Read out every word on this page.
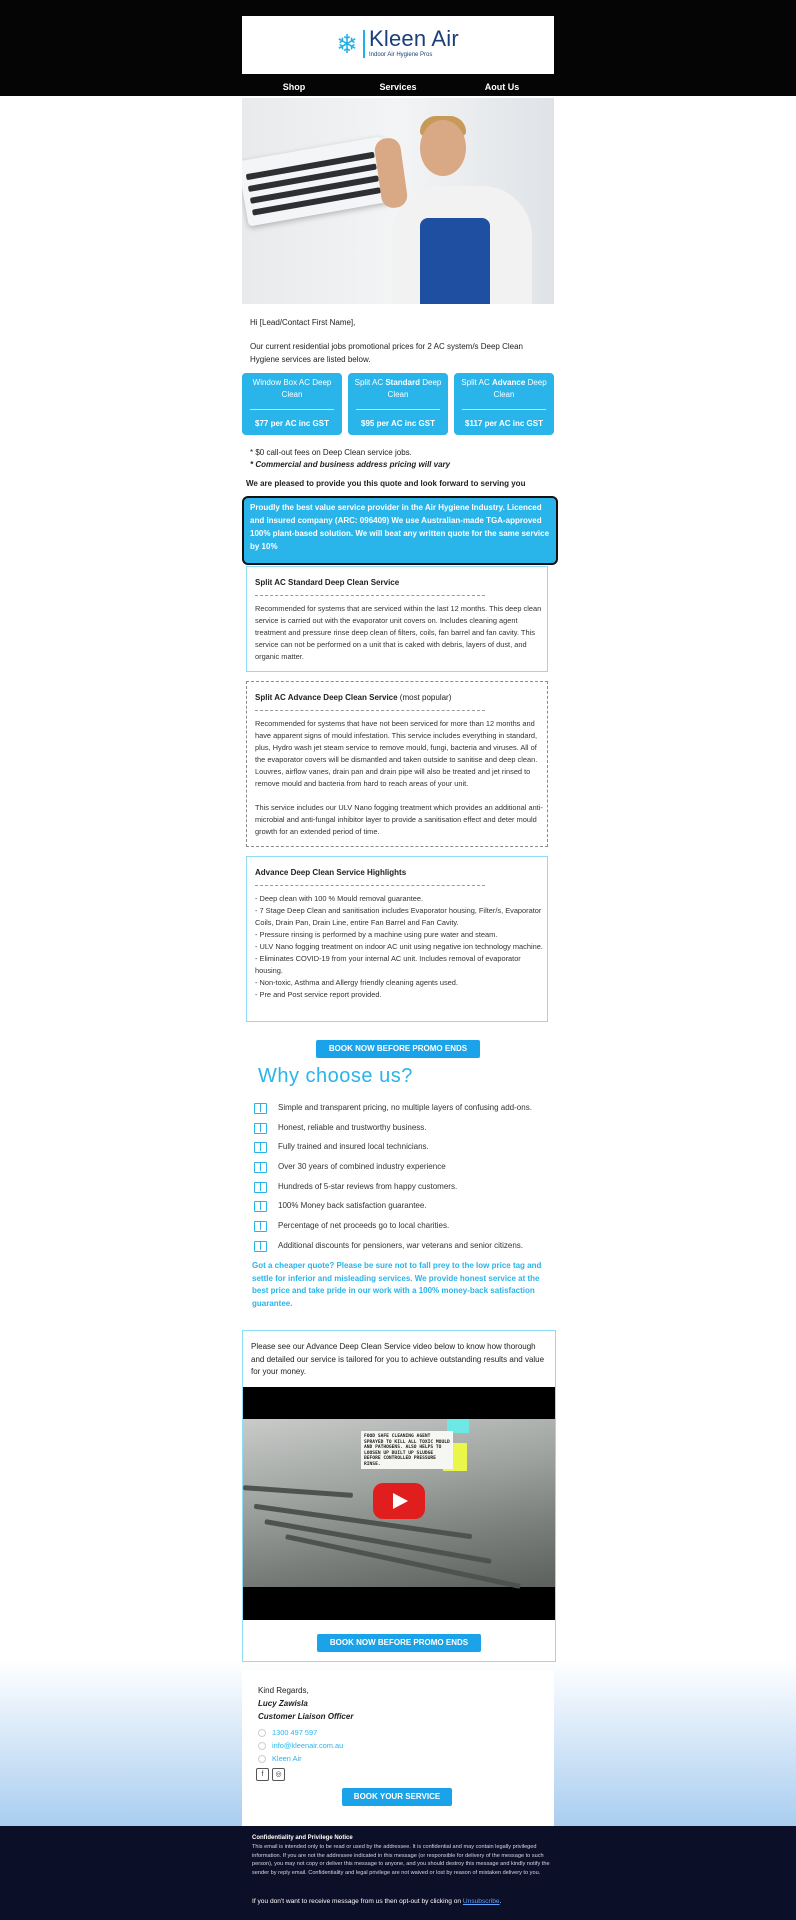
❄ Kleen Air
Indoor Air Hygiene Pros
Shop	Services	Aout Us
Hi [Lead/Contact First Name],
Our current residential jobs promotional prices for 2 AC system/s Deep Clean Hygiene services are listed below.
Window Box AC Deep Clean
$77 per AC inc GST
Split AC Standard Deep Clean
$95 per AC inc GST
Split AC Advance Deep Clean
$117 per AC inc GST
* $0 call-out fees on Deep Clean service jobs.
* Commercial and business address pricing will vary
We are pleased to provide you this quote and look forward to serving you
Proudly the best value service provider in the Air Hygiene Industry. Licenced and insured company (ARC: 096409) We use Australian-made TGA-approved 100% plant-based solution. We will beat any written quote for the same service by 10%
Split AC Standard Deep Clean Service
Recommended for systems that are serviced within the last 12 months. This deep clean service is carried out with the evaporator unit covers on. Includes cleaning agent treatment and pressure rinse deep clean of filters, coils, fan barrel and fan cavity. This service can not be performed on a unit that is caked with debris, layers of dust, and organic matter.
Split AC Advance Deep Clean Service (most popular)
Recommended for systems that have not been serviced for more than 12 months and have apparent signs of mould infestation. This service includes everything in standard, plus, Hydro wash jet steam service to remove mould, fungi, bacteria and viruses. All of the evaporator covers will be dismantled and taken outside to sanitise and deep clean. Louvres, airflow vanes, drain pan and drain pipe will also be treated and jet rinsed to remove mould and bacteria from hard to reach areas of your unit.
This service includes our ULV Nano fogging treatment which provides an additional anti-microbial and anti-fungal inhibitor layer to provide a sanitisation effect and deter mould growth for an extended period of time.
Advance Deep Clean Service Highlights
- Deep clean with 100 % Mould removal guarantee.
- 7 Stage Deep Clean and sanitisation includes Evaporator housing, Filter/s, Evaporator Coils, Drain Pan, Drain Line, entire Fan Barrel and Fan Cavity.
- Pressure rinsing is performed by a machine using pure water and steam.
- ULV Nano fogging treatment on indoor AC unit using negative ion technology machine.
- Eliminates COVID-19 from your internal AC unit. Includes removal of evaporator housing.
- Non-toxic, Asthma and Allergy friendly cleaning agents used.
- Pre and Post service report provided.
BOOK NOW BEFORE PROMO ENDS
Why choose us?
Simple and transparent pricing, no multiple layers of confusing add-ons.
Honest, reliable and trustworthy business.
Fully trained and insured local technicians.
Over 30 years of combined industry experience
Hundreds of 5-star reviews from happy customers.
100% Money back satisfaction guarantee.
Percentage of net proceeds go to local charities.
Additional discounts for pensioners, war veterans and senior citizens.
Got a cheaper quote? Please be sure not to fall prey to the low price tag and settle for inferior and misleading services. We provide honest service at the best price and take pride in our work with a 100% money-back satisfaction guarantee.
Please see our Advance Deep Clean Service video below to know how thorough and detailed our service is tailored for you to achieve outstanding results and value for your money.
FOOD SAFE CLEANING AGENT SPRAYED TO KILL ALL TOXIC MOULD AND PATHOGENS. ALSO HELPS TO LOOSEN UP BUILT UP SLUDGE BEFORE CONTROLLED PRESSURE RINSE.
BOOK NOW BEFORE PROMO ENDS
Kind Regards,
Lucy Zawisla
Customer Liaison Officer
1300 497 597
info@kleenair.com.au
Kleen Air
f	◎
BOOK YOUR SERVICE
Confidentiality and Privilege Notice
This email is intended only to be read or used by the addressee. It is confidential and may contain legally privileged information. If you are not the addressee indicated in this message (or responsible for delivery of the message to such person), you may not copy or deliver this message to anyone, and you should destroy this message and kindly notify the sender by reply email. Confidentiality and legal privilege are not waived or lost by reason of mistaken delivery to you.
If you don't want to receive message from us then opt-out by clicking on Unsubscribe.
